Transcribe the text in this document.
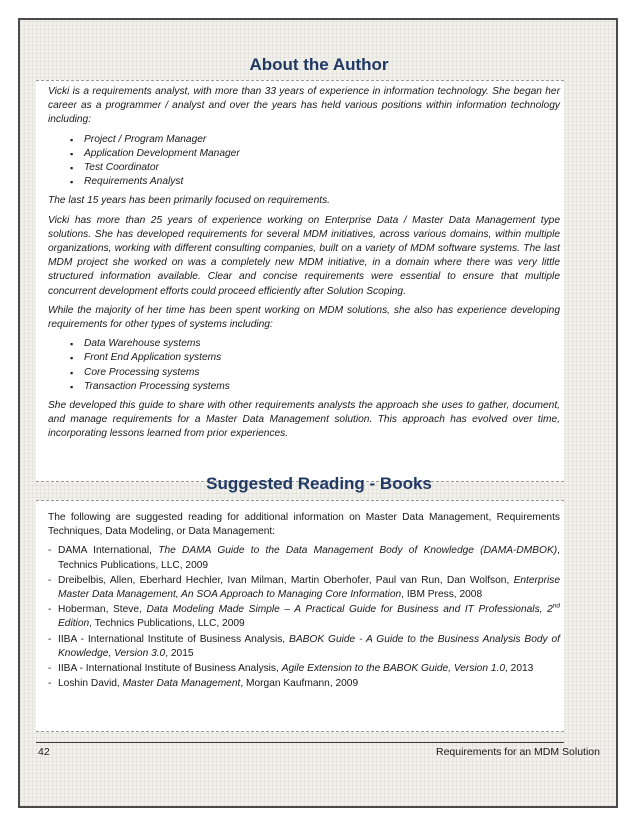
About the Author

Vicki is a requirements analyst, with more than 33 years of experience in information technology. She began her career as a programmer / analyst and over the years has held various positions within information technology including:

▪ Project / Program Manager
▪ Application Development Manager
▪ Test Coordinator
▪ Requirements Analyst

The last 15 years has been primarily focused on requirements.

Vicki has more than 25 years of experience working on Enterprise Data / Master Data Management type solutions. She has developed requirements for several MDM initiatives, across various domains, within multiple organizations, working with different consulting companies, built on a variety of MDM software systems. The last MDM project she worked on was a completely new MDM initiative, in a domain where there was very little structured information available. Clear and concise requirements were essential to ensure that multiple concurrent development efforts could proceed efficiently after Solution Scoping.

While the majority of her time has been spent working on MDM solutions, she also has experience developing requirements for other types of systems including:

▪ Data Warehouse systems
▪ Front End Application systems
▪ Core Processing systems
▪ Transaction Processing systems

She developed this guide to share with other requirements analysts the approach she uses to gather, document, and manage requirements for a Master Data Management solution. This approach has evolved over time, incorporating lessons learned from prior experiences.

Suggested Reading - Books

The following are suggested reading for additional information on Master Data Management, Requirements Techniques, Data Modeling, or Data Management:

- DAMA International, The DAMA Guide to the Data Management Body of Knowledge (DAMA-DMBOK), Technics Publications, LLC, 2009
- Dreibelbis, Allen, Eberhard Hechler, Ivan Milman, Martin Oberhofer, Paul van Run, Dan Wolfson, Enterprise Master Data Management, An SOA Approach to Managing Core Information, IBM Press, 2008
- Hoberman, Steve, Data Modeling Made Simple – A Practical Guide for Business and IT Professionals, 2nd Edition, Technics Publications, LLC, 2009
- IIBA - International Institute of Business Analysis, BABOK Guide - A Guide to the Business Analysis Body of Knowledge, Version 3.0, 2015
- IIBA - International Institute of Business Analysis, Agile Extension to the BABOK Guide, Version 1.0, 2013
- Loshin David, Master Data Management, Morgan Kaufmann, 2009
42	Requirements for an MDM Solution
